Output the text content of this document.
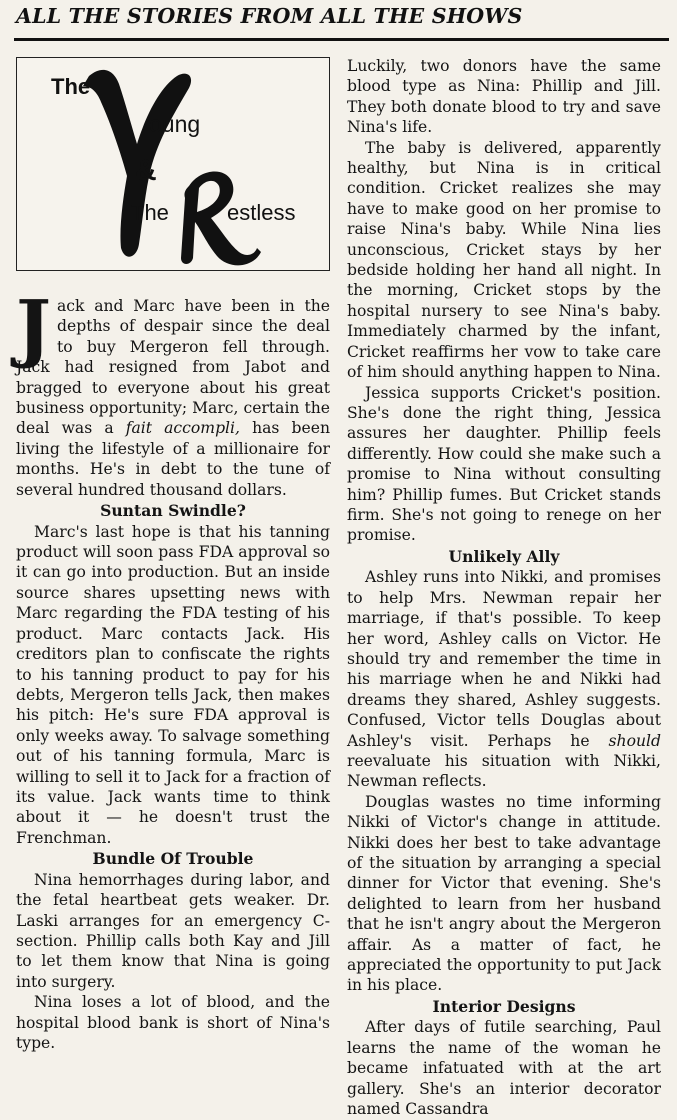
ALL THE STORIES FROM ALL THE SHOWS
The
oung
&
The	estless

Jack and Marc have been in the depths of despair since the deal to buy Mergeron fell through. Jack had resigned from Jabot and bragged to everyone about his great business opportunity; Marc, certain the deal was a fait accompli, has been living the lifestyle of a millionaire for months. He's in debt to the tune of several hundred thousand dollars.

Suntan Swindle?

Marc's last hope is that his tanning product will soon pass FDA approval so it can go into production. But an inside source shares upsetting news with Marc regarding the FDA testing of his product. Marc contacts Jack. His creditors plan to confiscate the rights to his tanning product to pay for his debts, Mergeron tells Jack, then makes his pitch: He's sure FDA approval is only weeks away. To salvage something out of his tanning formula, Marc is willing to sell it to Jack for a fraction of its value. Jack wants time to think about it — he doesn't trust the Frenchman.

Bundle Of Trouble

Nina hemorrhages during labor, and the fetal heartbeat gets weaker. Dr. Laski arranges for an emergency C-section. Phillip calls both Kay and Jill to let them know that Nina is going into surgery.

Nina loses a lot of blood, and the hospital blood bank is short of Nina's type.

Luckily, two donors have the same blood type as Nina: Phillip and Jill. They both donate blood to try and save Nina's life.

The baby is delivered, apparently healthy, but Nina is in critical condition. Cricket realizes she may have to make good on her promise to raise Nina's baby. While Nina lies unconscious, Cricket stays by her bedside holding her hand all night. In the morning, Cricket stops by the hospital nursery to see Nina's baby. Immediately charmed by the infant, Cricket reaffirms her vow to take care of him should anything happen to Nina.

Jessica supports Cricket's position. She's done the right thing, Jessica assures her daughter. Phillip feels differently. How could she make such a promise to Nina without consulting him? Phillip fumes. But Cricket stands firm. She's not going to renege on her promise.

Unlikely Ally

Ashley runs into Nikki, and promises to help Mrs. Newman repair her marriage, if that's possible. To keep her word, Ashley calls on Victor. He should try and remember the time in his marriage when he and Nikki had dreams they shared, Ashley suggests. Confused, Victor tells Douglas about Ashley's visit. Perhaps he should reevaluate his situation with Nikki, Newman reflects.

Douglas wastes no time informing Nikki of Victor's change in attitude. Nikki does her best to take advantage of the situation by arranging a special dinner for Victor that evening. She's delighted to learn from her husband that he isn't angry about the Mergeron affair. As a matter of fact, he appreciated the opportunity to put Jack in his place.

Interior Designs

After days of futile searching, Paul learns the name of the woman he became infatuated with at the art gallery. She's an interior decorator named Cassandra
